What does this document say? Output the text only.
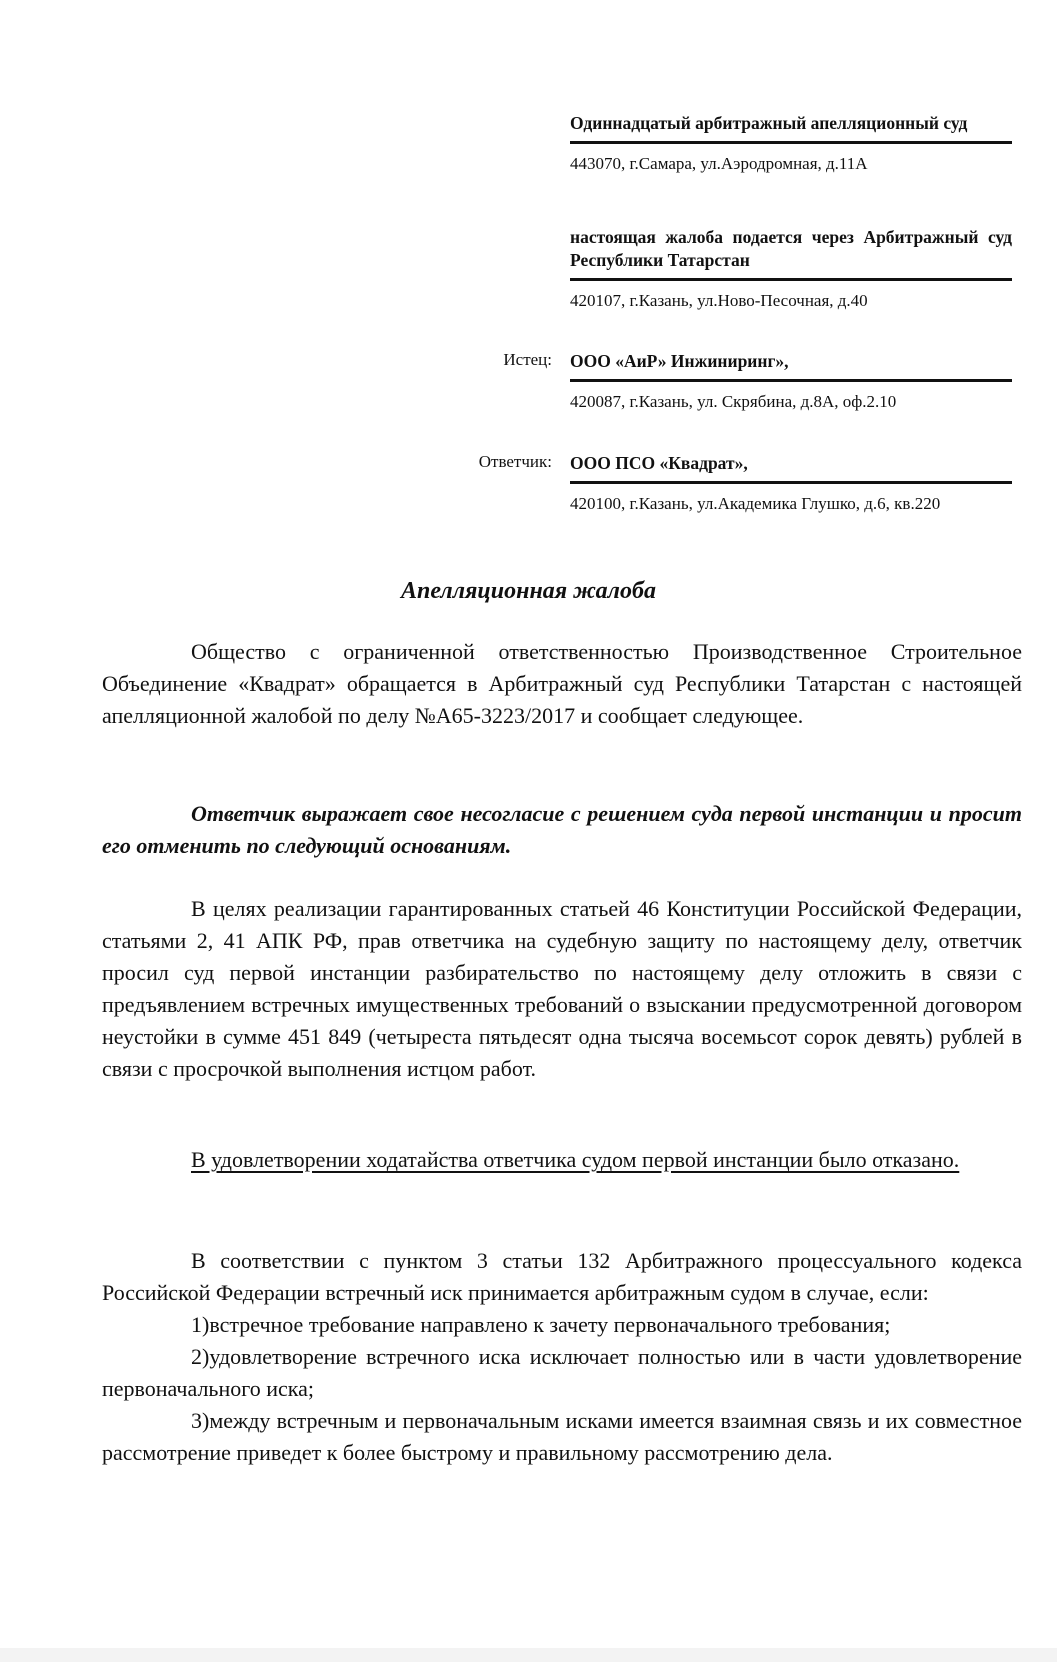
Одиннадцатый арбитражный апелляционный суд
443070, г.Самара, ул.Аэродромная, д.11А
настоящая жалоба подается через Арбитражный суд Республики Татарстан
420107, г.Казань, ул.Ново-Песочная, д.40
Истец:	ООО «АиР» Инжиниринг»,
420087, г.Казань, ул. Скрябина, д.8А, оф.2.10
Ответчик:	ООО ПСО «Квадрат»,
420100, г.Казань, ул.Академика Глушко, д.6, кв.220
Апелляционная жалоба
Общество с ограниченной ответственностью Производственное Строительное Объединение «Квадрат» обращается в Арбитражный суд Республики Татарстан с настоящей апелляционной жалобой по делу №А65-3223/2017 и сообщает следующее.
Ответчик выражает свое несогласие с решением суда первой инстанции и просит его отменить по следующий основаниям.
В целях реализации гарантированных статьей 46 Конституции Российской Федерации, статьями 2, 41 АПК РФ, прав ответчика на судебную защиту по настоящему делу, ответчик просил суд первой инстанции разбирательство по настоящему делу отложить в связи с предъявлением встречных имущественных требований о взыскании предусмотренной договором неустойки в сумме 451 849 (четыреста пятьдесят одна тысяча восемьсот сорок девять) рублей в связи с просрочкой выполнения истцом работ.
В удовлетворении ходатайства ответчика судом первой инстанции было отказано.
В соответствии с пунктом 3 статьи 132 Арбитражного процессуального кодекса Российской Федерации встречный иск принимается арбитражным судом в случае, если:
1)встречное требование направлено к зачету первоначального требования;
2)удовлетворение встречного иска исключает полностью или в части удовлетворение первоначального иска;
3)между встречным и первоначальным исками имеется взаимная связь и их совместное рассмотрение приведет к более быстрому и правильному рассмотрению дела.
